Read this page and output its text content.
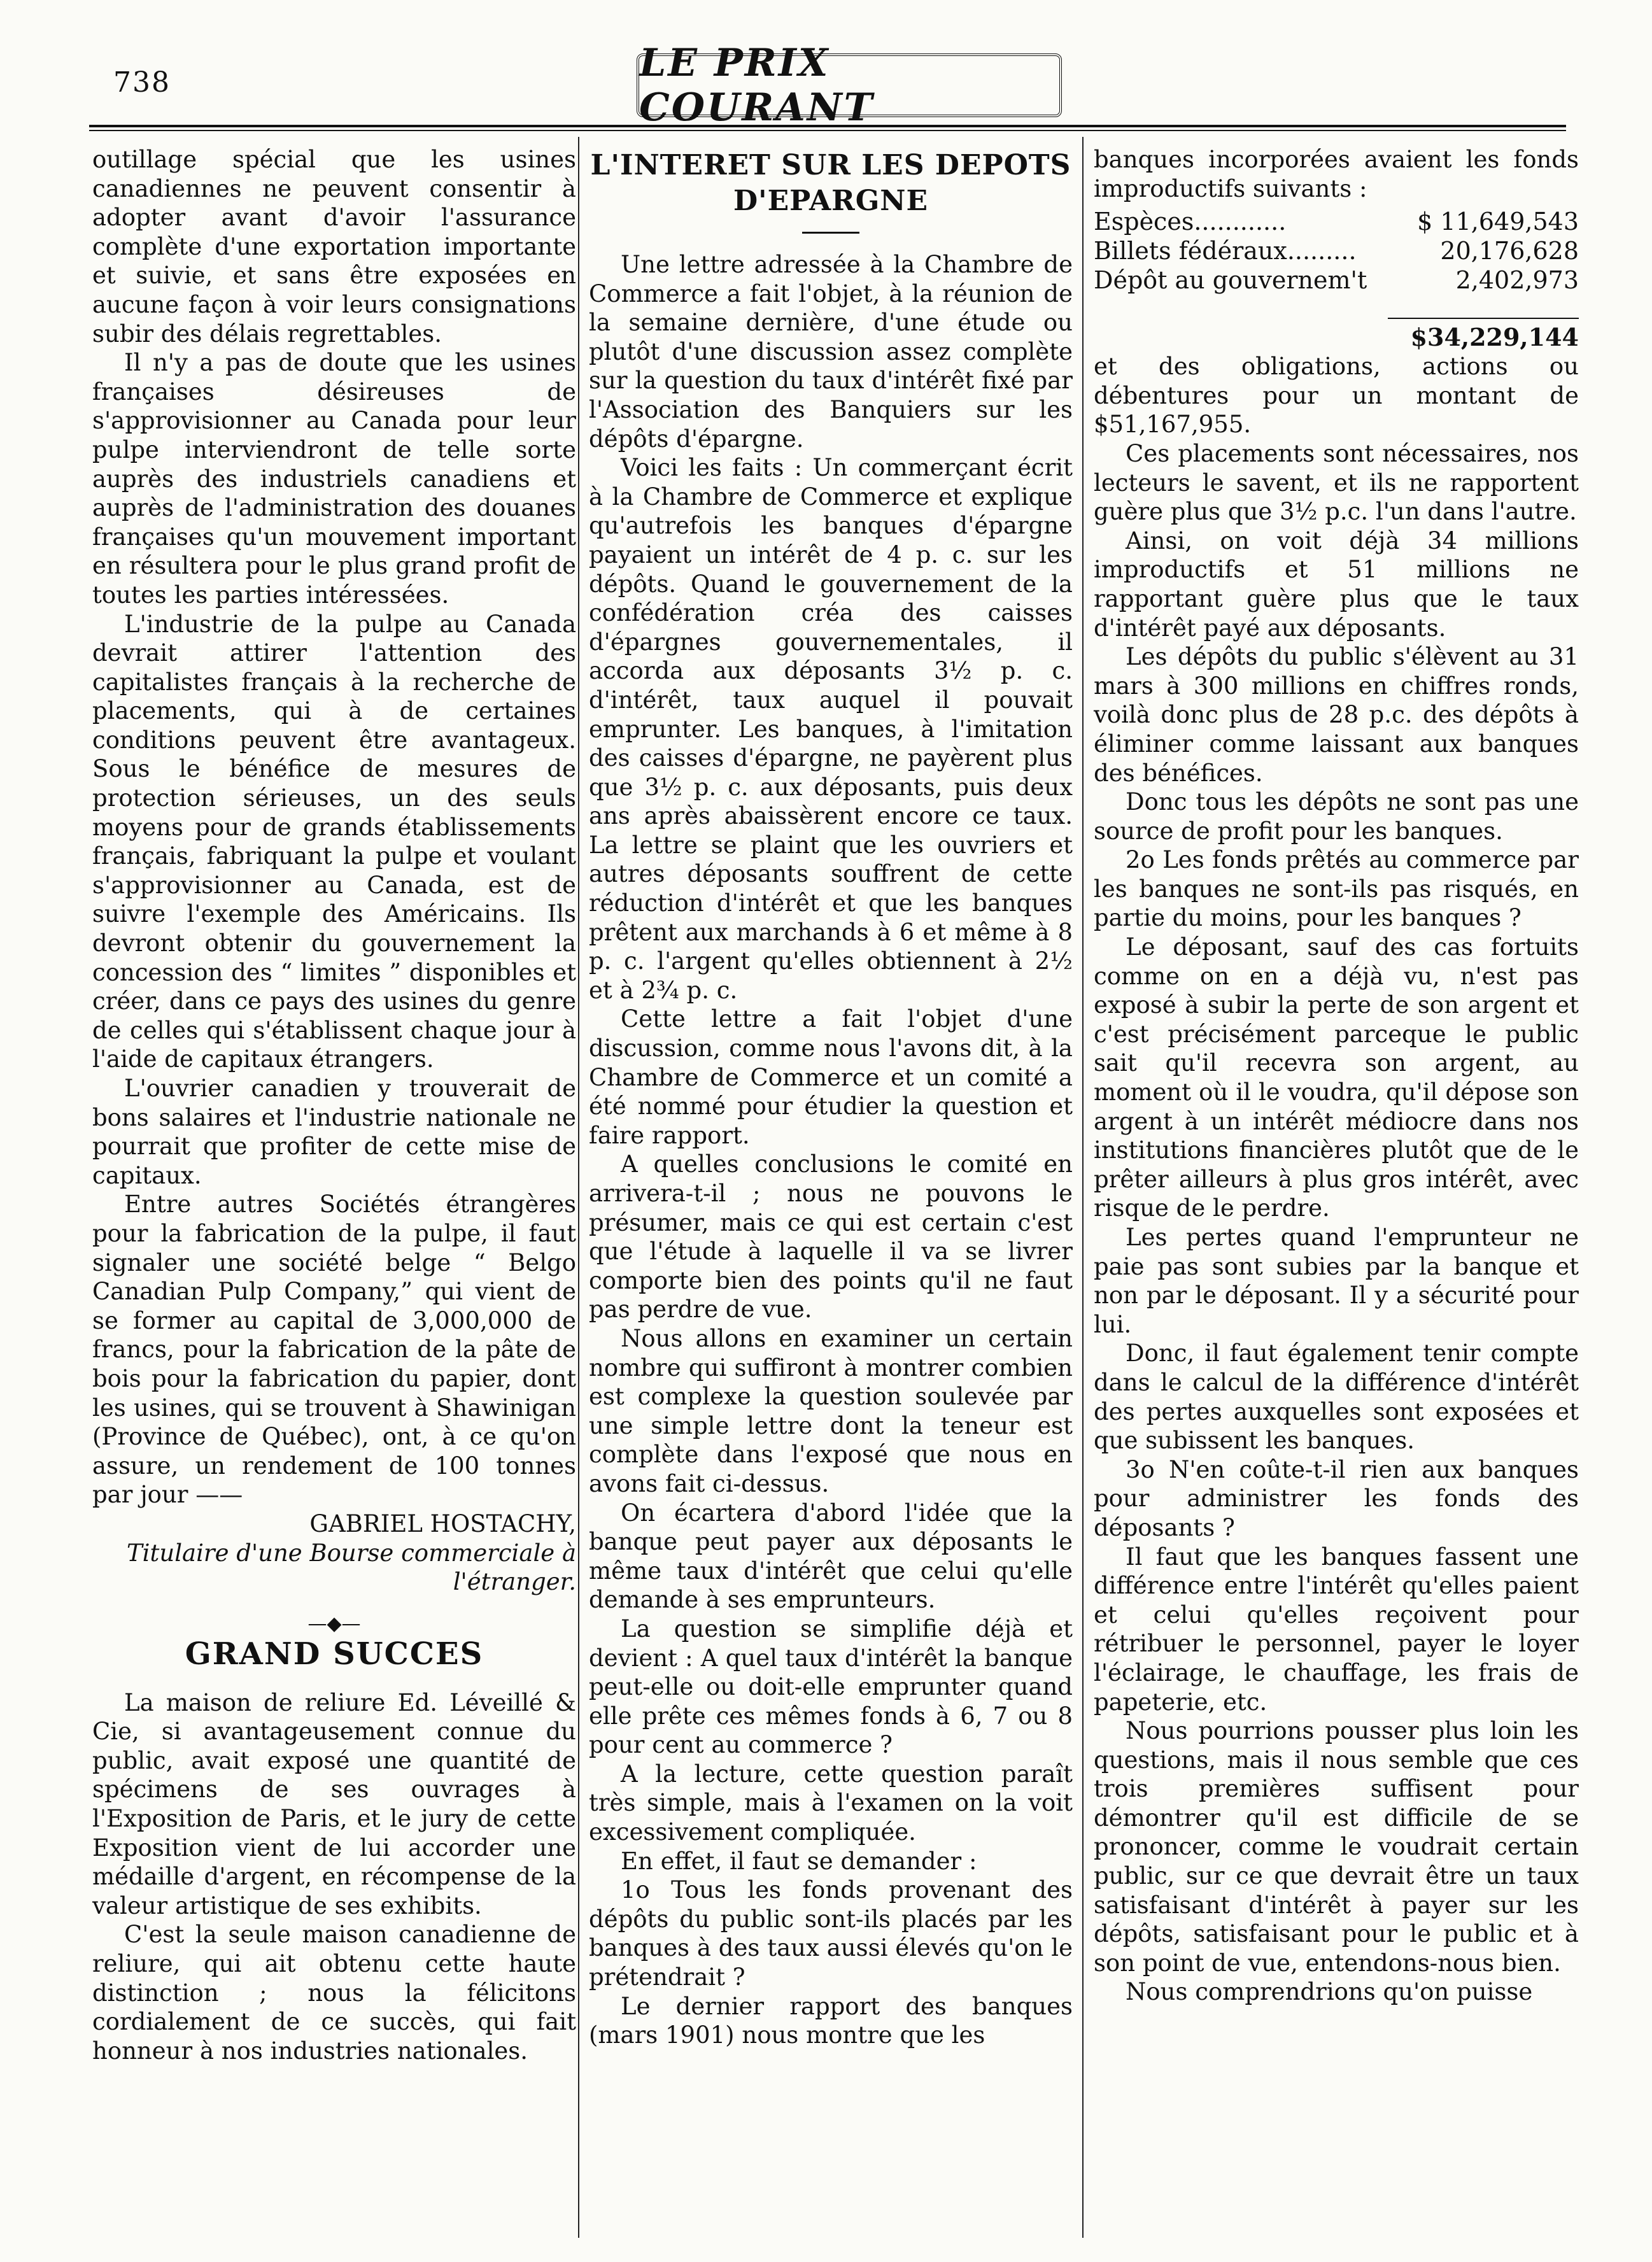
738	LE PRIX COURANT

outillage spécial que les usines canadiennes ne peuvent consentir à adopter avant d'avoir l'assurance complète d'une exportation importante et suivie, et sans être exposées en aucune façon à voir leurs consignations subir des délais regrettables.

Il n'y a pas de doute que les usines françaises désireuses de s'approvisionner au Canada pour leur pulpe interviendront de telle sorte auprès des industriels canadiens et auprès de l'administration des douanes françaises qu'un mouvement important en résultera pour le plus grand profit de toutes les parties intéressées.

L'industrie de la pulpe au Canada devrait attirer l'attention des capitalistes français à la recherche de placements, qui à de certaines conditions peuvent être avantageux. Sous le bénéfice de mesures de protection sérieuses, un des seuls moyens pour de grands établissements français, fabriquant la pulpe et voulant s'approvisionner au Canada, est de suivre l'exemple des Américains. Ils devront obtenir du gouvernement la concession des “ limites ” disponibles et créer, dans ce pays des usines du genre de celles qui s'établissent chaque jour à l'aide de capitaux étrangers.

L'ouvrier canadien y trouverait de bons salaires et l'industrie nationale ne pourrait que profiter de cette mise de capitaux.

Entre autres Sociétés étrangères pour la fabrication de la pulpe, il faut signaler une société belge “ Belgo Canadian Pulp Company,” qui vient de se former au capital de 3,000,000 de francs, pour la fabrication de la pâte de bois pour la fabrication du papier, dont les usines, qui se trouvent à Shawinigan (Province de Québec), ont, à ce qu'on assure, un rendement de 100 tonnes par jour ——

GABRIEL HOSTACHY,
Titulaire d'une Bourse commerciale à l'étranger.
—◆—
GRAND SUCCES

La maison de reliure Ed. Léveillé & Cie, si avantageusement connue du public, avait exposé une quantité de spécimens de ses ouvrages à l'Exposition de Paris, et le jury de cette Exposition vient de lui accorder une médaille d'argent, en récompense de la valeur artistique de ses exhibits.

C'est la seule maison canadienne de reliure, qui ait obtenu cette haute distinction ; nous la félicitons cordialement de ce succès, qui fait honneur à nos industries nationales.

L'INTERET SUR LES DEPOTS D'EPARGNE

Une lettre adressée à la Chambre de Commerce a fait l'objet, à la réunion de la semaine dernière, d'une étude ou plutôt d'une discussion assez complète sur la question du taux d'intérêt fixé par l'Association des Banquiers sur les dépôts d'épargne.

Voici les faits : Un commerçant écrit à la Chambre de Commerce et explique qu'autrefois les banques d'épargne payaient un intérêt de 4 p. c. sur les dépôts. Quand le gouvernement de la confédération créa des caisses d'épargnes gouvernementales, il accorda aux déposants 3½ p. c. d'intérêt, taux auquel il pouvait emprunter. Les banques, à l'imitation des caisses d'épargne, ne payèrent plus que 3½ p. c. aux déposants, puis deux ans après abaissèrent encore ce taux. La lettre se plaint que les ouvriers et autres déposants souffrent de cette réduction d'intérêt et que les banques prêtent aux marchands à 6 et même à 8 p. c. l'argent qu'elles obtiennent à 2½ et à 2¾ p. c.

Cette lettre a fait l'objet d'une discussion, comme nous l'avons dit, à la Chambre de Commerce et un comité a été nommé pour étudier la question et faire rapport.

A quelles conclusions le comité en arrivera-t-il ; nous ne pouvons le présumer, mais ce qui est certain c'est que l'étude à laquelle il va se livrer comporte bien des points qu'il ne faut pas perdre de vue.

Nous allons en examiner un certain nombre qui suffiront à montrer combien est complexe la question soulevée par une simple lettre dont la teneur est complète dans l'exposé que nous en avons fait ci-dessus.

On écartera d'abord l'idée que la banque peut payer aux déposants le même taux d'intérêt que celui qu'elle demande à ses emprunteurs.

La question se simplifie déjà et devient : A quel taux d'intérêt la banque peut-elle ou doit-elle emprunter quand elle prête ces mêmes fonds à 6, 7 ou 8 pour cent au commerce ?

A la lecture, cette question paraît très simple, mais à l'examen on la voit excessivement compliquée.

En effet, il faut se demander :

1o Tous les fonds provenant des dépôts du public sont-ils placés par les banques à des taux aussi élevés qu'on le prétendrait ?

Le dernier rapport des banques (mars 1901) nous montre que les

banques incorporées avaient les fonds improductifs suivants :

Espèces............	$ 11,649,543
Billets fédéraux.........	20,176,628
Dépôt au gouvernem't	2,402,973
$34,229,144

et des obligations, actions ou débentures pour un montant de $51,167,955.

Ces placements sont nécessaires, nos lecteurs le savent, et ils ne rapportent guère plus que 3½ p.c. l'un dans l'autre.

Ainsi, on voit déjà 34 millions improductifs et 51 millions ne rapportant guère plus que le taux d'intérêt payé aux déposants.

Les dépôts du public s'élèvent au 31 mars à 300 millions en chiffres ronds, voilà donc plus de 28 p.c. des dépôts à éliminer comme laissant aux banques des bénéfices.

Donc tous les dépôts ne sont pas une source de profit pour les banques.

2o Les fonds prêtés au commerce par les banques ne sont-ils pas risqués, en partie du moins, pour les banques ?

Le déposant, sauf des cas fortuits comme on en a déjà vu, n'est pas exposé à subir la perte de son argent et c'est précisément parceque le public sait qu'il recevra son argent, au moment où il le voudra, qu'il dépose son argent à un intérêt médiocre dans nos institutions financières plutôt que de le prêter ailleurs à plus gros intérêt, avec risque de le perdre.

Les pertes quand l'emprunteur ne paie pas sont subies par la banque et non par le déposant. Il y a sécurité pour lui.

Donc, il faut également tenir compte dans le calcul de la différence d'intérêt des pertes auxquelles sont exposées et que subissent les banques.

3o N'en coûte-t-il rien aux banques pour administrer les fonds des déposants ?

Il faut que les banques fassent une différence entre l'intérêt qu'elles paient et celui qu'elles reçoivent pour rétribuer le personnel, payer le loyer l'éclairage, le chauffage, les frais de papeterie, etc.

Nous pourrions pousser plus loin les questions, mais il nous semble que ces trois premières suffisent pour démontrer qu'il est difficile de se prononcer, comme le voudrait certain public, sur ce que devrait être un taux satisfaisant d'intérêt à payer sur les dépôts, satisfaisant pour le public et à son point de vue, entendons-nous bien.

Nous comprendrions qu'on puisse
